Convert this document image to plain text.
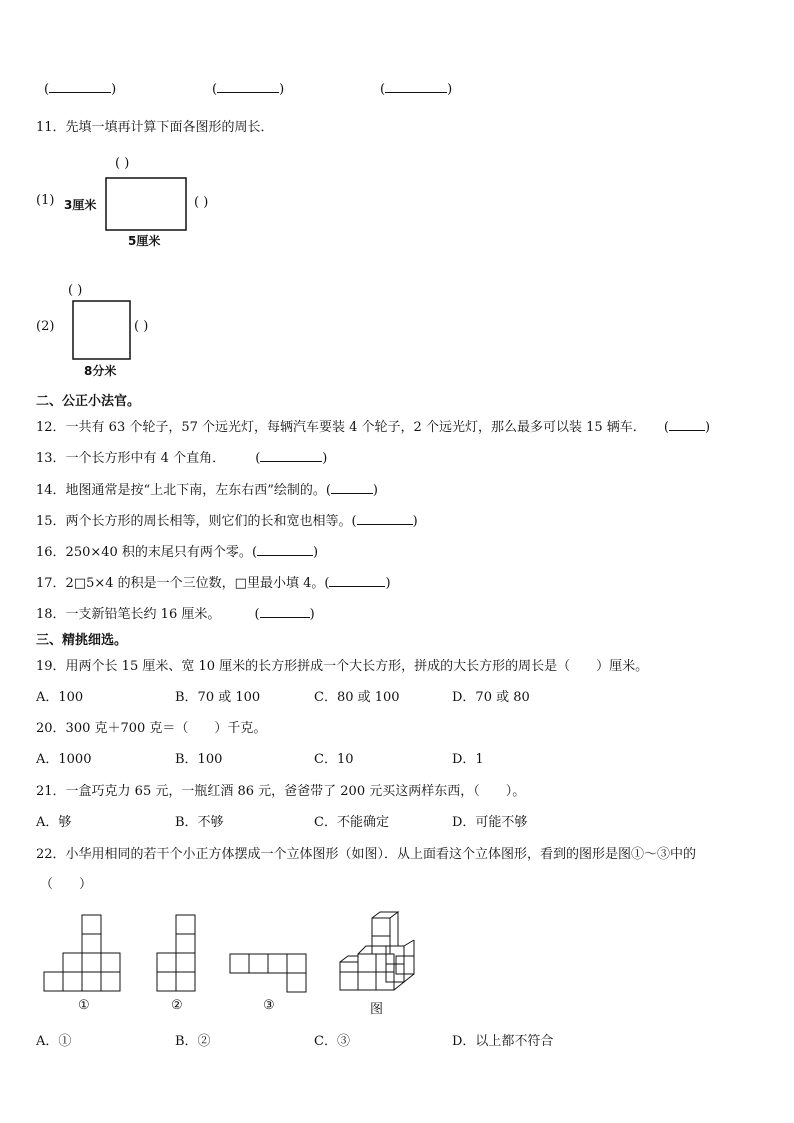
(	)	(	)	(	)
11．先填一填再计算下面各图形的周长．
( )
(1) 3厘米	( )
5厘米
( )
(2)	( )
8分米
二、公正小法官。
12．一共有 63 个轮子，57 个远光灯，每辆汽车要装 4 个轮子，2 个远光灯，那么最多可以装 15 辆车． (	)
13．一个长方形中有 4 个直角． (	)
14．地图通常是按“上北下南，左东右西”绘制的。(	)
15．两个长方形的周长相等，则它们的长和宽也相等。(	)
16．250×40 积的末尾只有两个零。(	)
17．2□5×4 的积是一个三位数，□里最小填 4。(	)
18．一支新铅笔长约 16 厘米。	(	)
三、精挑细选。
19．用两个长 15 厘米、宽 10 厘米的长方形拼成一个大长方形，拼成的大长方形的周长是（　　）厘米。
A．100	B．70 或 100	C．80 或 100	D．70 或 80
20．300 克＋700 克＝（　　）千克。
A．1000	B．100	C．10	D．1
21．一盒巧克力 65 元，一瓶红酒 86 元，爸爸带了 200 元买这两样东西，（　　）。
A．够	B．不够	C．不能确定	D．可能不够
22．小华用相同的若干个小正方体摆成一个立体图形（如图）．从上面看这个立体图形，看到的图形是图①～③中的
（　　）
①	②	③	图
A．①	B．②	C．③	D．以上都不符合
